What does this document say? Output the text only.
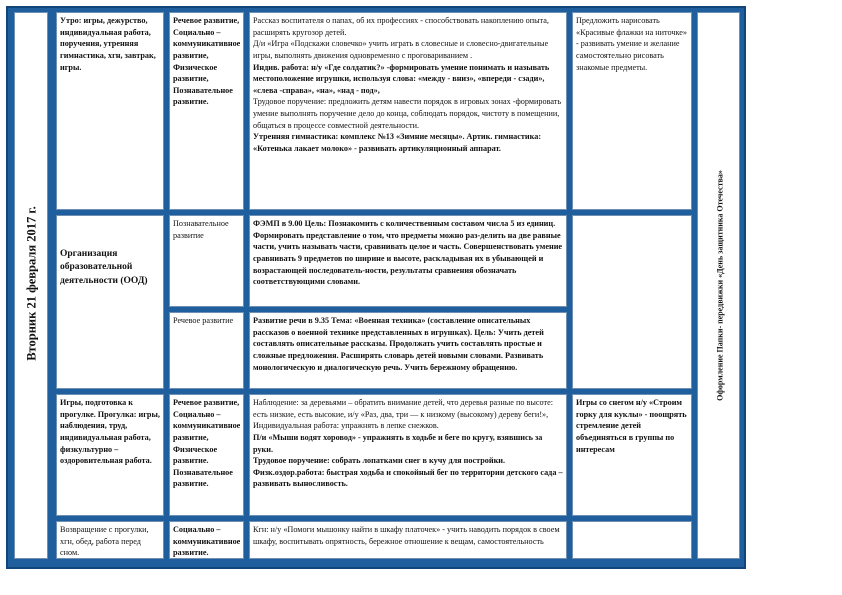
Вторник 21 февраля 2017 г.
Утро: игры, дежурство, индивидуальная работа, поручения, утренняя гимнастика, хгн, завтрак, игры.
Речевое развитие, Социально – коммуникативное развитие, Физическое развитие, Познавательное развитие.

Рассказ воспитателя о папах, об их профессиях - способствовать накоплению опыта, расширять кругозор детей.

Д/и «Игра «Подскажи словечко» учить играть в словесные и словесно-двигательные игры, выполнять движения одновременно с проговариванием .

Индив. работа: н/у «Где солдатик?» -формировать умение понимать и называть местоположение игрушки, используя слова: «между - вниз», «впереди - сзади», «слева -справа», «на», «над - под»,

Трудовое поручение: предложить детям навести порядок в игровых зонах -формировать умение выполнять поручение дело до конца, соблюдать порядок, чистоту в помещении, общаться в процессе совместной деятельности.

Утренняя гимнастика: комплекс №13 «Зимние месяцы». Артик. гимнастика: «Котенька лакает молоко» - развивать артикуляционный аппарат.

Предложить нарисовать «Красивые флажки на ниточке» - развивать умение и желание самостоятельно рисовать знакомые предметы.
Организация образовательной деятельности (ООД)
Познавательное развитие
ФЭМП в 9.00 Цель: Познакомить с количественным составом числа 5 из единиц. Формировать представление о том, что предметы можно раз-делить на две равные части, учить называть части, сравнивать целое и часть. Совершенствовать умение сравнивать 9 предметов по ширине и высоте, раскладывая их в убывающей и возрастающей последователь-ности, результаты сравнения обозначать соответствующими словами.
Речевое развитие	Развитие речи в 9.35 Тема: «Военная техника» (составление описательных рассказов о военной технике представленных в игрушках). Цель: Учить детей составлять описательные рассказы. Продолжать учить составлять простые и сложные предложения. Расширять словарь детей новыми словами. Развивать монологическую и диалогическую речь. Учить бережному обращению.
Игры, подготовка к прогулке. Прогулка: игры, наблюдения, труд, индивидуальная работа, физкультурно – оздоровительная работа.
Речевое развитие, Социально – коммуникативное развитие, Физическое развитие. Познавательное развитие.

Наблюдение: за деревьями – обратить внимание детей, что деревья разные по высоте: есть низкие, есть высокие, и/у «Раз, два, три — к низкому (высокому) дереву беги!», Индивидуальная работа: упражнять в лепке снежков.

П/и «Мыши водят хоровод» - упражнять в ходьбе и беге по кругу, взявшись за руки.

Трудовое поручение: собрать лопатками снег в кучу для постройки.

Физк.оздор.работа: быстрая ходьба и спокойный бег по территории детского сада – развивать выносливость.

Игры со снегом н/у «Строим горку для куклы» - поощрять стремление детей объединяться в группы по интересам
Возвращение с прогулки, хгн, обед, работа перед сном.
Социально – коммуникативное развитие.
Кгн: н/у «Помоги мышонку найти в шкафу платочек» - учить наводить порядок в своем шкафу, воспитывать опрятность, бережное отношение к вещам, самостоятельность
Оформление Папки- передвижки «День защитника Отечества»
